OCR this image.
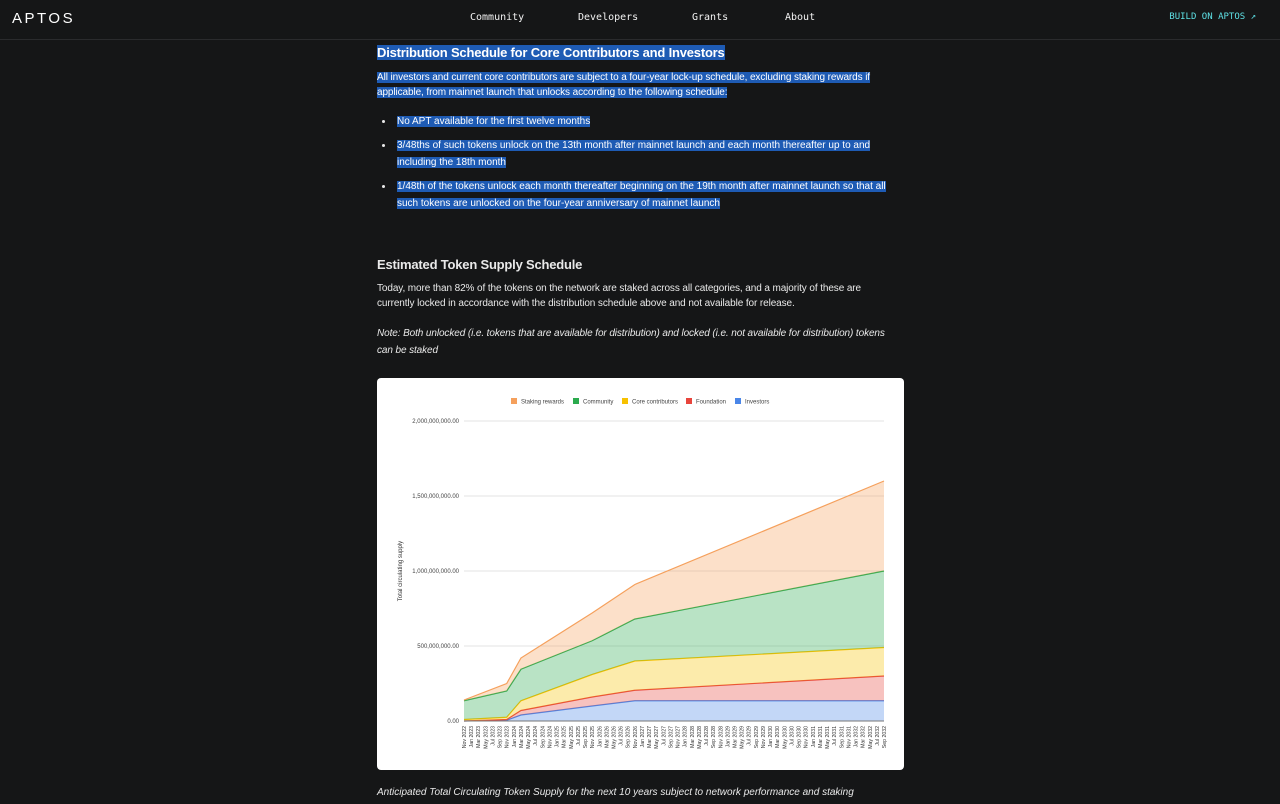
APTOS	Community	Developers	Grants	About	BUILD ON APTOS ↗
Distribution Schedule for Core Contributors and Investors

All investors and current core contributors are subject to a four-year lock-up schedule, excluding staking rewards if
applicable, from mainnet launch that unlocks according to the following schedule:

No APT available for the first twelve months
3/48ths of such tokens unlock on the 13th month after mainnet launch and each month thereafter up to and
including the 18th month
1/48th of the tokens unlock each month thereafter beginning on the 19th month after mainnet launch so that all
such tokens are unlocked on the four-year anniversary of mainnet launch
Estimated Token Supply Schedule

Today, more than 82% of the tokens on the network are staked across all categories, and a majority of these are
currently locked in accordance with the distribution schedule above and not available for release.

Note: Both unlocked (i.e. tokens that are available for distribution) and locked (i.e. not available for distribution) tokens
can be staked

0.00
500,000,000.00
1,000,000,000.00
1,500,000,000.00
2,000,000,000.00
Total circulating supply
Nov 2022 Jan 2023 Mar 2023 May 2023 Jul 2023 Sep 2023 Nov 2023 Jan 2024 Mar 2024 May 2024 Jul 2024 Sep 2024 Nov 2024 Jan 2025 Mar 2025 May 2025 Jul 2025 Sep 2025 Nov 2025 Jan 2026 Mar 2026 May 2026 Jul 2026 Sep 2026 Nov 2026 Jan 2027 Mar 2027 May 2027 Jul 2027 Sep 2027 Nov 2027 Jan 2028 Mar 2028 May 2028 Jul 2028 Sep 2028 Nov 2028 Jan 2029 Mar 2029 May 2029 Jul 2029 Sep 2029 Nov 2029 Jan 2030 Mar 2030 May 2030 Jul 2030 Sep 2030 Nov 2030 Jan 2031 Mar 2031 May 2031 Jul 2031 Sep 2031 Nov 2031 Jan 2032 Mar 2032 May 2032 Jul 2032 Sep 2032
Staking rewards	Community	Core contributors	Foundation	Investors
Anticipated Total Circulating Token Supply for the next 10 years subject to network performance and staking
